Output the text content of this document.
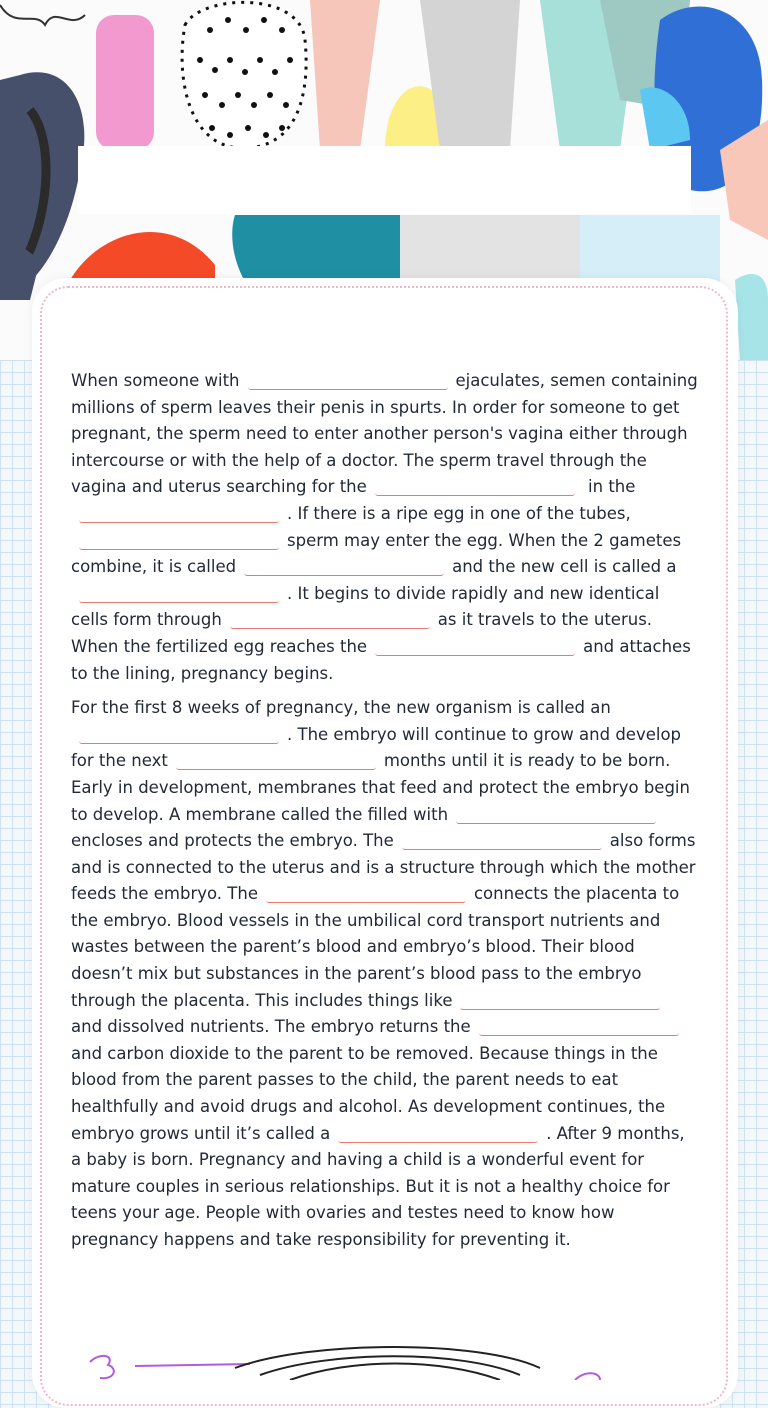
When someone with	ejaculates, semen containing millions of sperm leaves their penis in spurts. In order for someone to get pregnant, the sperm need to enter another person's vagina either through intercourse or with the help of a doctor. The sperm travel through the vagina and uterus searching for the	in the. If there is a ripe egg in one of the tubes,sperm may enter the egg. When the 2 gametes combine, it is called	and the new cell is called a. It begins to divide rapidly and new identical cells form through	as it travels to the uterus. When the fertilized egg reaches the	and attaches to the lining, pregnancy begins.

For the first 8 weeks of pregnancy, the new organism is called an. The embryo will continue to grow and develop for the next	months until it is ready to be born. Early in development, membranes that feed and protect the embryo begin to develop. A membrane called the filled with encloses and protects the embryo. The	also forms and is connected to the uterus and is a structure through which the mother feeds the embryo. The	connects the placenta to the embryo. Blood vessels in the umbilical cord transport nutrients and wastes between the parent’s blood and embryo’s blood. Their blood doesn’t mix but substances in the parent’s blood pass to the embryo through the placenta. This includes things like and dissolved nutrients. The embryo returns the and carbon dioxide to the parent to be removed. Because things in the blood from the parent passes to the child, the parent needs to eat healthfully and avoid drugs and alcohol. As development continues, the embryo grows until it’s called a	. After 9 months, a baby is born. Pregnancy and having a child is a wonderful event for mature couples in serious relationships. But it is not a healthy choice for teens your age. People with ovaries and testes need to know how pregnancy happens and take responsibility for preventing it.
